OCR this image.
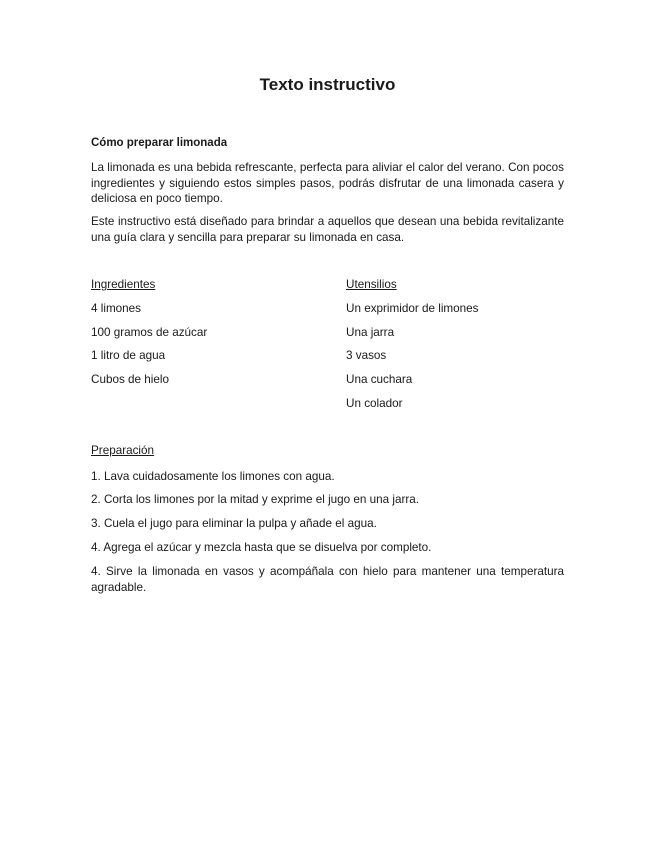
Texto instructivo
Cómo preparar limonada

La limonada es una bebida refrescante, perfecta para aliviar el calor del verano. Con pocos ingredientes y siguiendo estos simples pasos, podrás disfrutar de una limonada casera y deliciosa en poco tiempo.

Este instructivo está diseñado para brindar a aquellos que desean una bebida revitalizante una guía clara y sencilla para preparar su limonada en casa.

Ingredientes
4 limones
100 gramos de azúcar
1 litro de agua
Cubos de hielo
Utensilios
Un exprimidor de limones
Una jarra
3 vasos
Una cuchara
Un colador
Preparación

1. Lava cuidadosamente los limones con agua.

2. Corta los limones por la mitad y exprime el jugo en una jarra.

3. Cuela el jugo para eliminar la pulpa y añade el agua.

4. Agrega el azúcar y mezcla hasta que se disuelva por completo.

4. Sirve la limonada en vasos y acompáñala con hielo para mantener una temperatura agradable.
